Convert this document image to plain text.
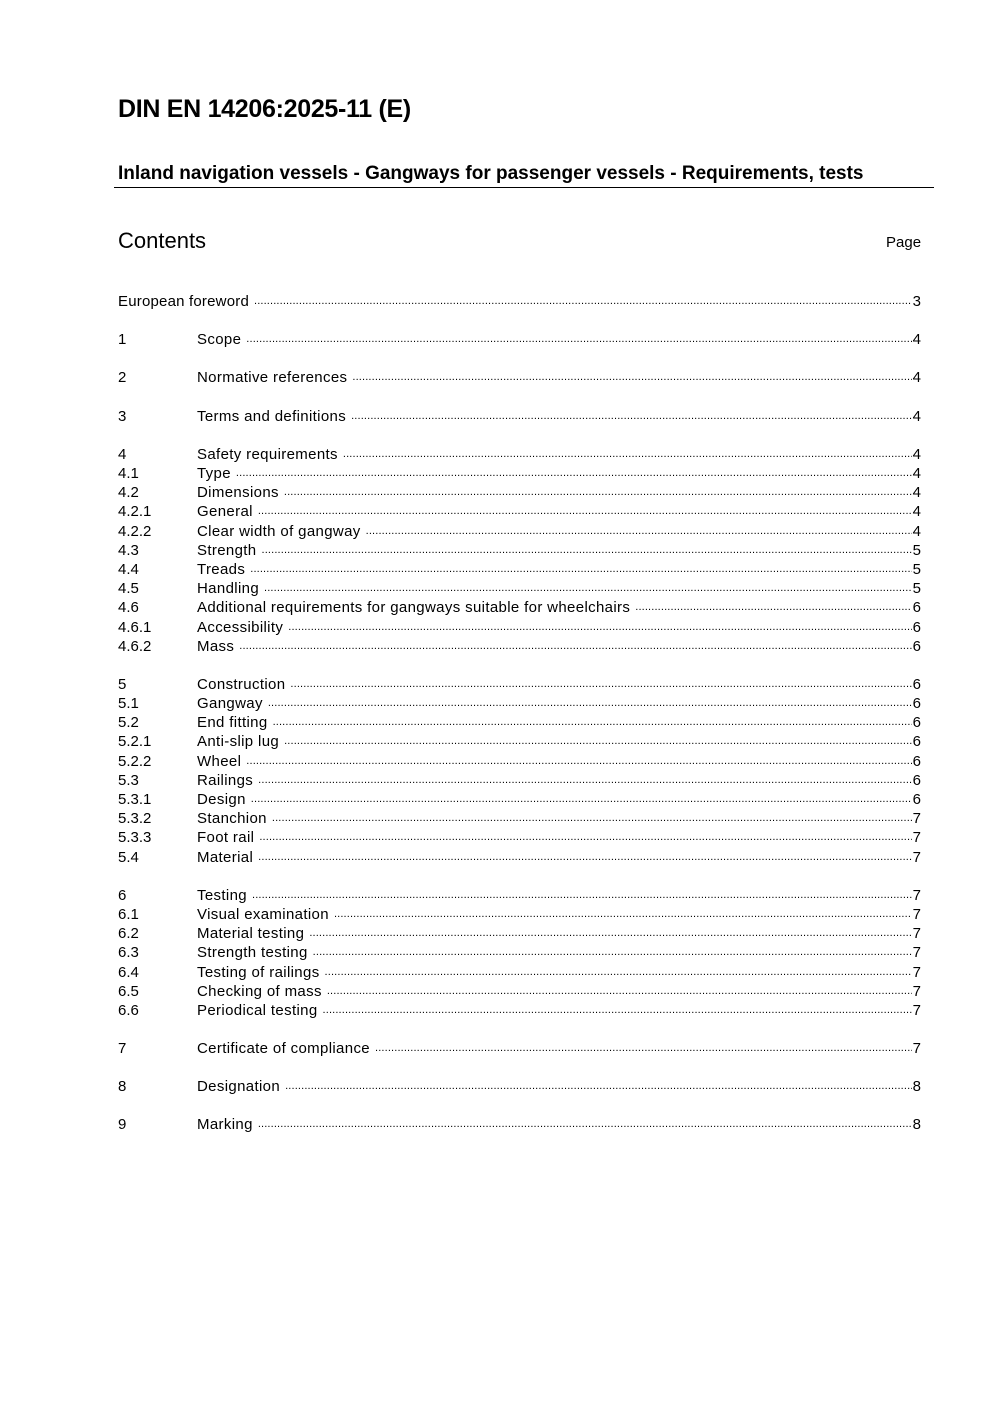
DIN EN 14206:2025-11 (E)
Inland navigation vessels - Gangways for passenger vessels - Requirements, tests
Contents	Page
European foreword .....	3
1	Scope .....	4
2	Normative references .....	4
3	Terms and definitions .....	4
4	Safety requirements .....	4
4.1	Type .....	4
4.2	Dimensions .....	4
4.2.1	General .....	4
4.2.2	Clear width of gangway .....	4
4.3	Strength .....	5
4.4	Treads .....	5
4.5	Handling .....	5
4.6	Additional requirements for gangways suitable for wheelchairs .....	6
4.6.1	Accessibility .....	6
4.6.2	Mass .....	6
5	Construction .....	6
5.1	Gangway .....	6
5.2	End fitting .....	6
5.2.1	Anti-slip lug .....	6
5.2.2	Wheel .....	6
5.3	Railings .....	6
5.3.1	Design .....	6
5.3.2	Stanchion .....	7
5.3.3	Foot rail .....	7
5.4	Material .....	7
6	Testing .....	7
6.1	Visual examination .....	7
6.2	Material testing .....	7
6.3	Strength testing .....	7
6.4	Testing of railings .....	7
6.5	Checking of mass .....	7
6.6	Periodical testing .....	7
7	Certificate of compliance .....	7
8	Designation .....	8
9	Marking .....	8
